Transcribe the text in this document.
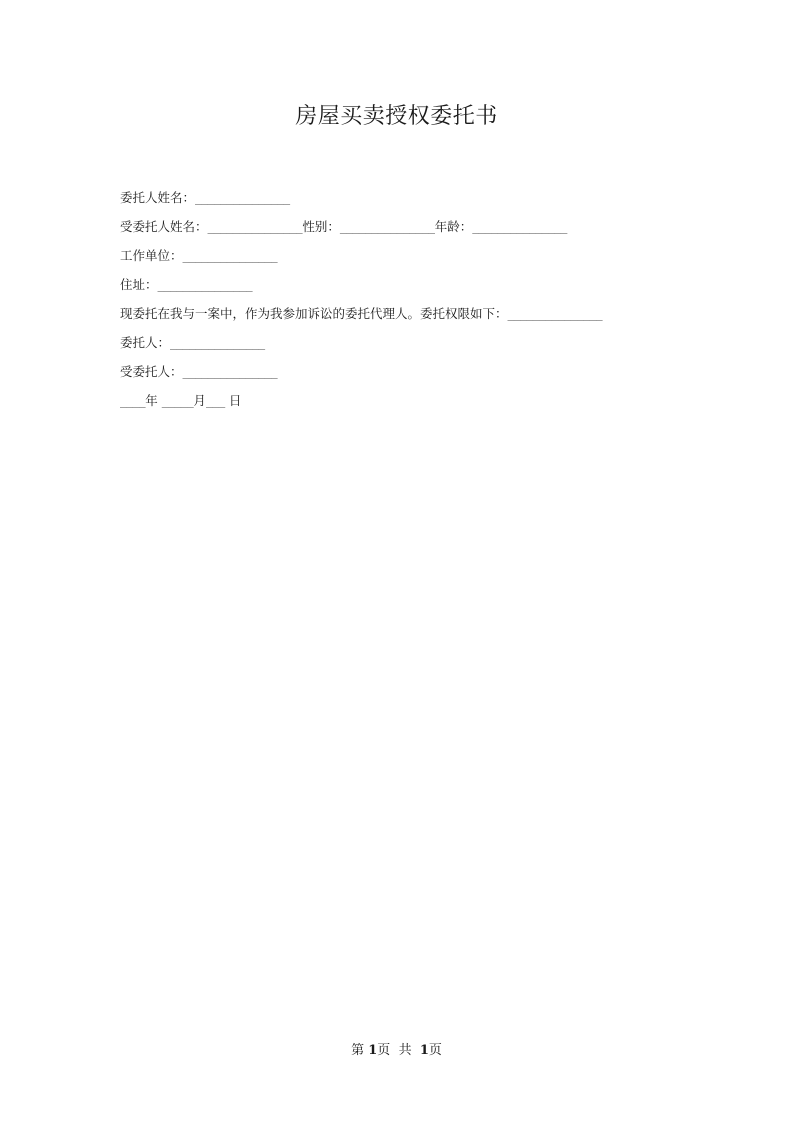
房屋买卖授权委托书
委托人姓名：_______________
受委托人姓名：_______________性别：_______________年龄：_______________
工作单位：_______________
住址：_______________
现委托在我与一案中，作为我参加诉讼的委托代理人。委托权限如下：_______________
委托人：_______________
受委托人：_______________
____年 _____月___ 日
第 1页 共 1页
